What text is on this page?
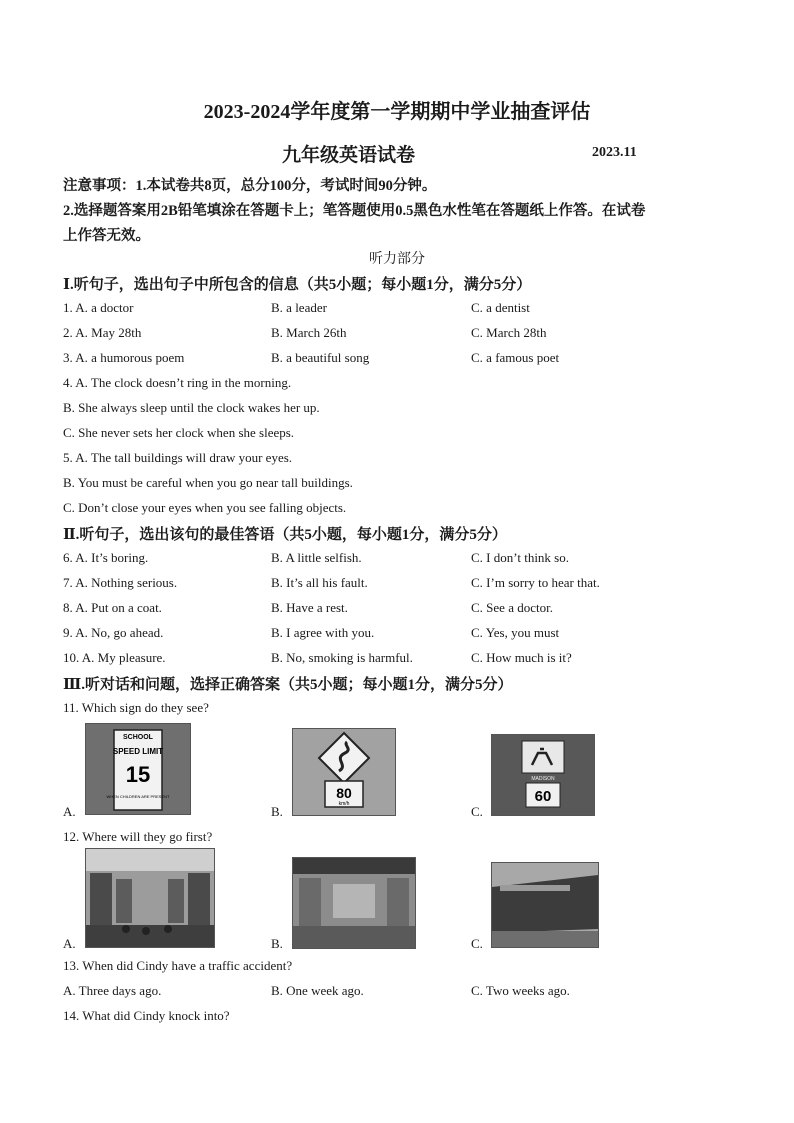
2023-2024学年度第一学期期中学业抽查评估
九年级英语试卷	2023.11
注意事项：1.本试卷共8页，总分100分，考试时间90分钟。
2.选择题答案用2B铅笔填涂在答题卡上；笔答题使用0.5黑色水性笔在答题纸上作答。在试卷
上作答无效。
听力部分
Ⅰ.听句子，选出句子中所包含的信息（共5小题；每小题1分，满分5分）
1. A. a doctor	B. a leader	C. a dentist
2. A. May 28th	B. March 26th	C. March 28th
3. A. a humorous poem	B. a beautiful song	C. a famous poet
4. A. The clock doesn’t ring in the morning.
B. She always sleep until the clock wakes her up.
C. She never sets her clock when she sleeps.
5. A. The tall buildings will draw your eyes.
B. You must be careful when you go near tall buildings.
C. Don’t close your eyes when you see falling objects.
Ⅱ.听句子，选出该句的最佳答语（共5小题，每小题1分，满分5分）
6. A. It’s boring.	B. A little selfish.	C. I don’t think so.
7. A. Nothing serious.	B. It’s all his fault.	C. I’m sorry to hear that.
8. A. Put on a coat.	B. Have a rest.	C. See a doctor.
9. A. No, go ahead.	B. I agree with you.	C. Yes, you must
10. A. My pleasure.	B. No, smoking is harmful.	C. How much is it?
Ⅲ.听对话和问题，选择正确答案（共5小题；每小题1分，满分5分）
11. Which sign do they see?
SCHOOL
SPEED LIMIT
15
WHEN CHILDREN ARE PRESENT
A.
80
km/h
B.
MADISON
60
C.
12. Where will they go first?
A.	B.	C.
13. When did Cindy have a traffic accident?
A. Three days ago.	B. One week ago.	C. Two weeks ago.
14. What did Cindy knock into?
